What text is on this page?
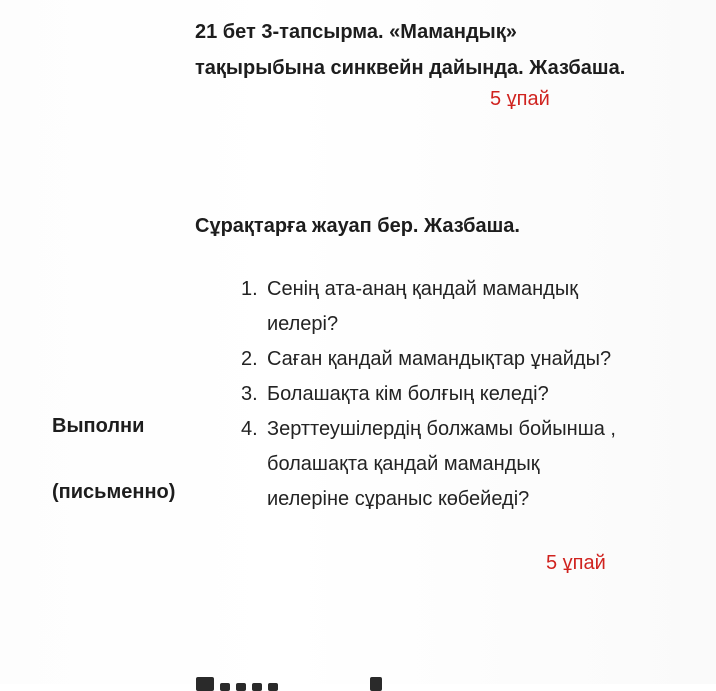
21 бет 3-тапсырма. «Мамандық»
тақырыбына синквейн дайында. Жазбаша.
5 ұпай
Сұрақтарға жауап бер. Жазбаша.
1. Сенің ата-анаң қандай мамандық
иелері?
2. Саған қандай мамандықтар ұнайды?
3. Болашақта кім болғың келеді?
4. Зерттеушілердің болжамы бойынша ,
болашақта қандай мамандық
иелеріне сұраныс көбейеді?
Выполни
(письменно)
5 ұпай
